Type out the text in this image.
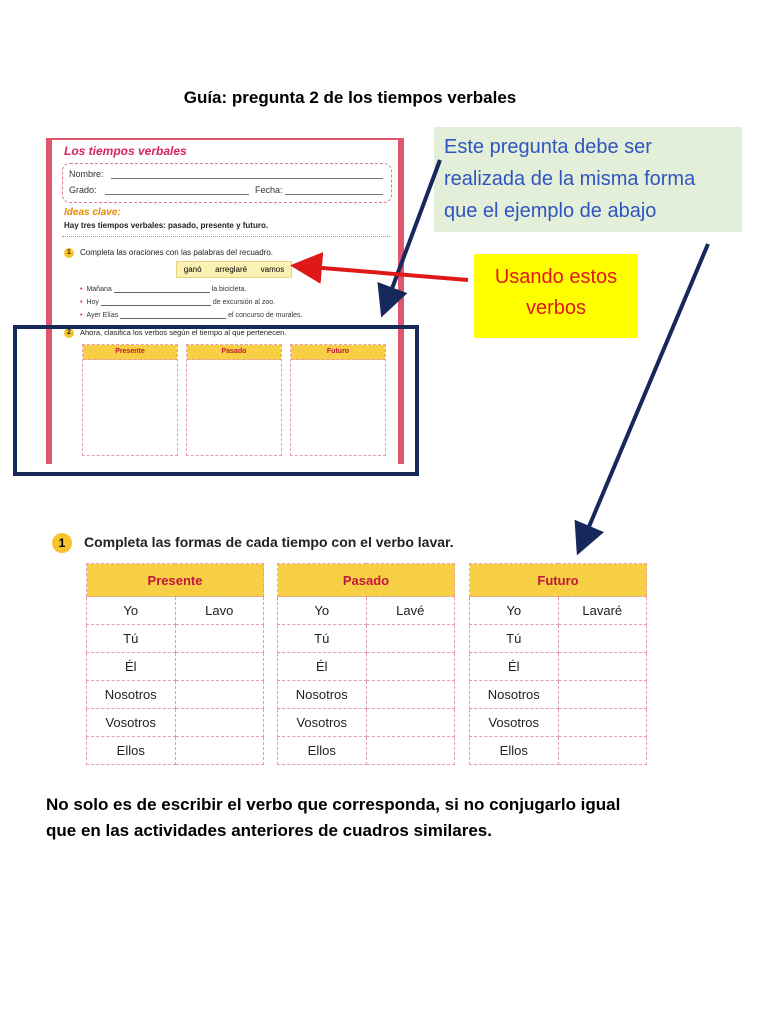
Guía: pregunta 2 de los tiempos verbales
Los tiempos verbales
Nombre:
Grado:	Fecha:
Ideas clave:
Hay tres tiempos verbales: pasado, presente y futuro.
1	Completa las oraciones con las palabras del recuadro.
ganó arreglaré vamos
• Mañana	la bicicleta.
• Hoy	de excursión al zoo.
• Ayer Elías	el concurso de murales.
2	Ahora, clasifica los verbos según el tiempo al que pertenecen.
Presente	Pasado	Futuro
Este pregunta debe ser
realizada de la misma forma
que el ejemplo de abajo
Usando estos
verbos
1	Completa las formas de cada tiempo con el verbo lavar.
Presente	
Yo	Lavo
Tú	
Él	
Nosotros	
Vosotros	
Ellos	
Pasado	
Yo	Lavé
Tú	
Él	
Nosotros	
Vosotros	
Ellos	
Futuro	
Yo	Lavaré
Tú	
Él	
Nosotros	
Vosotros	
Ellos	
No solo es de escribir el verbo que corresponda, si no conjugarlo igual
que en las actividades anteriores de cuadros similares.
